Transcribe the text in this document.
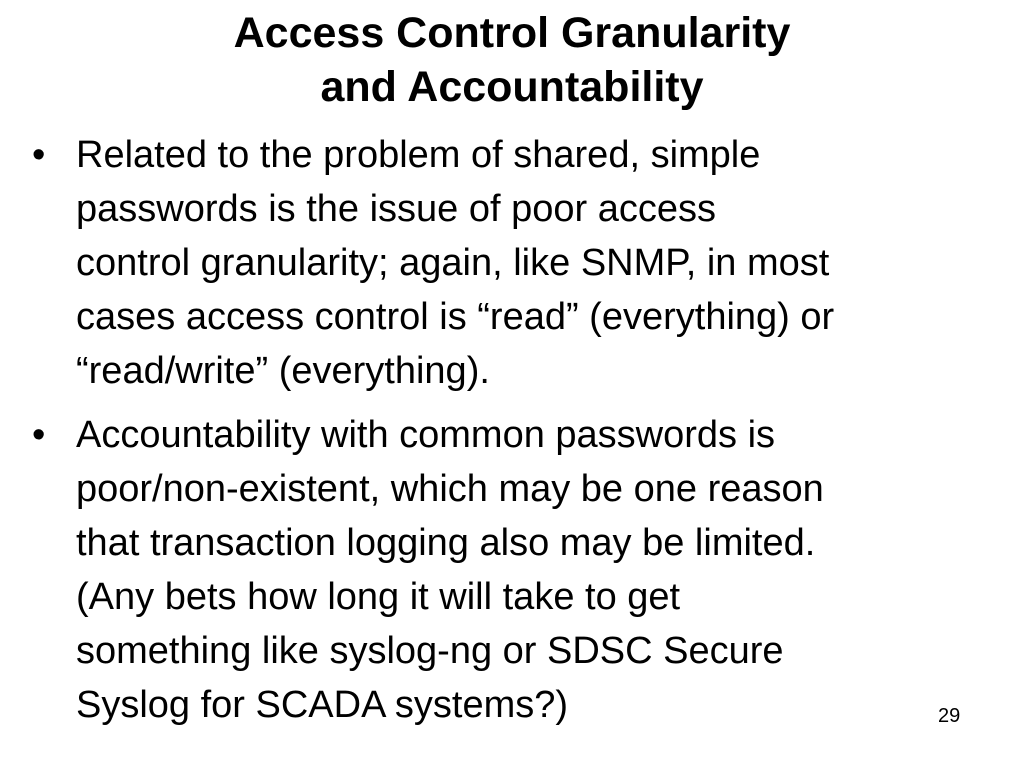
Access Control Granularity
and Accountability
• Related to the problem of shared, simple
passwords is the issue of poor access
control granularity; again, like SNMP, in most
cases access control is “read” (everything) or
“read/write” (everything).
• Accountability with common passwords is
poor/non-existent, which may be one reason
that transaction logging also may be limited.
(Any bets how long it will take to get
something like syslog-ng or SDSC Secure
Syslog for SCADA systems?)	29
